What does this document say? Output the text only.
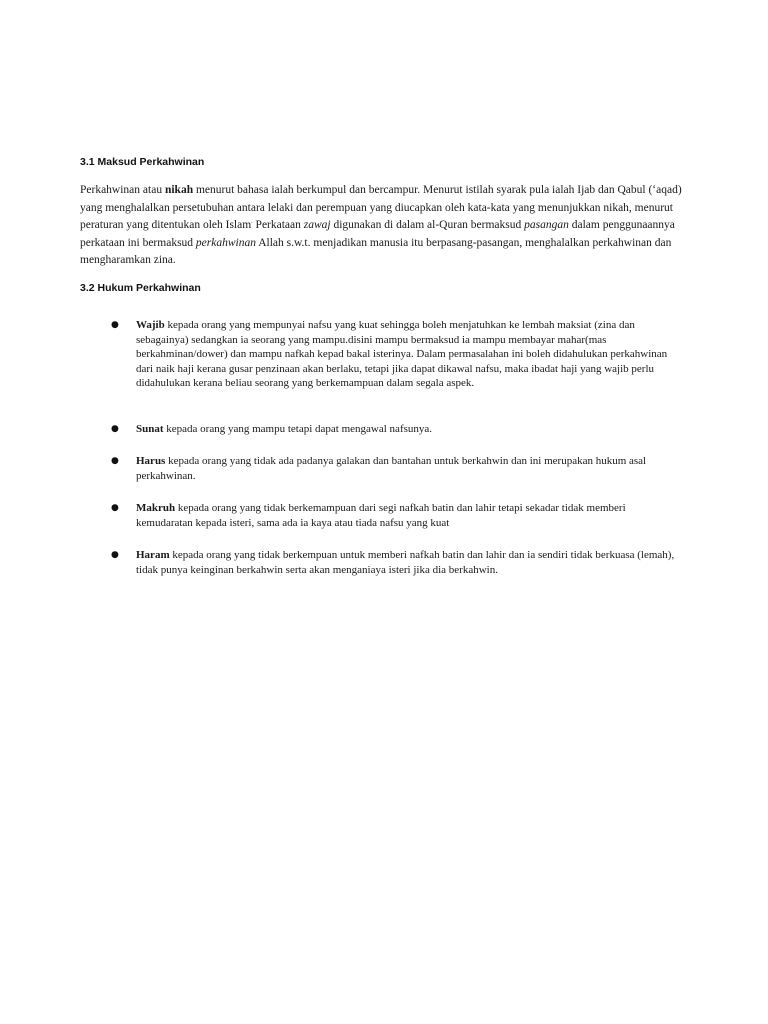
3.1 Maksud Perkahwinan

Perkahwinan atau nikah menurut bahasa ialah berkumpul dan bercampur. Menurut istilah syarak pula ialah Ijab dan Qabul (‘aqad) yang menghalalkan persetubuhan antara lelaki dan perempuan yang diucapkan oleh kata-kata yang menunjukkan nikah, menurut peraturan yang ditentukan oleh Islam. Perkataan zawaj digunakan di dalam al-Quran bermaksud pasangan dalam penggunaannya perkataan ini bermaksud perkahwinan Allah s.w.t. menjadikan manusia itu berpasang-pasangan, menghalalkan perkahwinan dan mengharamkan zina.

3.2 Hukum Perkahwinan
● Wajib kepada orang yang mempunyai nafsu yang kuat sehingga boleh menjatuhkan ke lembah maksiat (zina dan sebagainya) sedangkan ia seorang yang mampu.disini mampu bermaksud ia mampu membayar mahar(mas berkahminan/dower) dan mampu nafkah kepad bakal isterinya. Dalam permasalahan ini boleh didahulukan perkahwinan dari naik haji kerana gusar penzinaan akan berlaku, tetapi jika dapat dikawal nafsu, maka ibadat haji yang wajib perlu didahulukan kerana beliau seorang yang berkemampuan dalam segala aspek.

● Sunat kepada orang yang mampu tetapi dapat mengawal nafsunya.

● Harus kepada orang yang tidak ada padanya galakan dan bantahan untuk berkahwin dan ini merupakan hukum asal perkahwinan.

● Makruh kepada orang yang tidak berkemampuan dari segi nafkah batin dan lahir tetapi sekadar tidak memberi kemudaratan kepada isteri, sama ada ia kaya atau tiada nafsu yang kuat

● Haram kepada orang yang tidak berkempuan untuk memberi nafkah batin dan lahir dan ia sendiri tidak berkuasa (lemah), tidak punya keinginan berkahwin serta akan menganiaya isteri jika dia berkahwin.
